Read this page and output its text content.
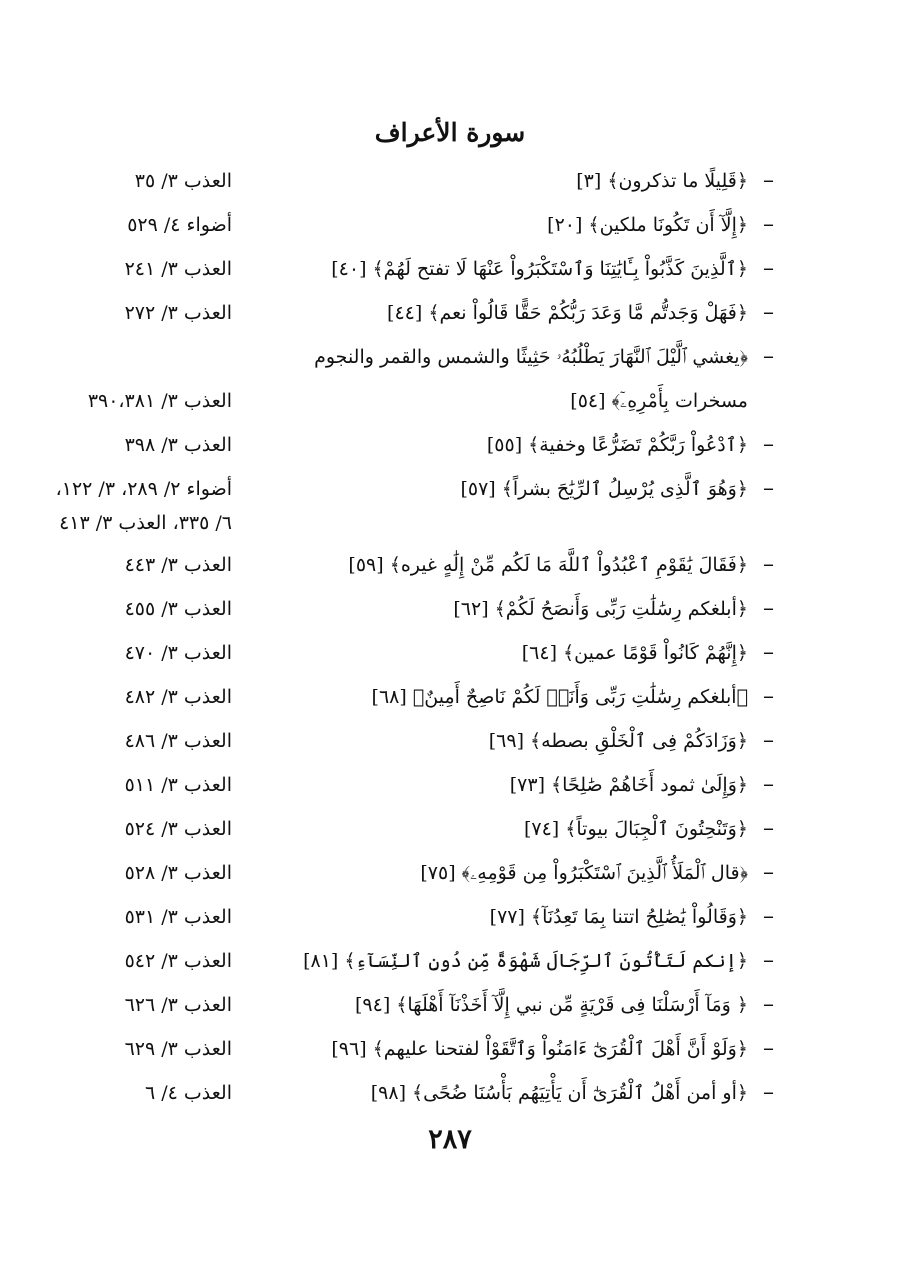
سورة الأعراف
–
﴿قَلِيلًا ما تذكرون﴾ [٣]
العذب ٣/ ٣٥
–
﴿إِلَّآ أَن تَكُونَا ملكين﴾ [٢٠]
أضواء ٤/ ٥٢٩
–
﴿ٱلَّذِينَ كَذَّبُواْ بِـَٔايَٰتِنَا وَٱسْتَكْبَرُواْ عَنْهَا لَا تفتح لَهُمْ﴾ [٤٠]
العذب ٣/ ٢٤١
–
﴿فَهَلْ وَجَدتُّم مَّا وَعَدَ رَبُّكُمْ حَقًّا قَالُواْ نعم﴾ [٤٤]
العذب ٣/ ٢٧٢
–
﴿يغشي ٱلَّيْلَ ٱلنَّهَارَ يَطْلُبُهُۥ حَثِيثًا والشمس والقمر والنجوم
مسخرات بِأَمْرِهِۦٓ﴾ [٥٤]
العذب ٣/ ٣٩٠،٣٨١
–
﴿ٱدْعُواْ رَبَّكُمْ تَضَرُّعًا وخفية﴾ [٥٥]
العذب ٣/ ٣٩٨
–
﴿وَهُوَ ٱلَّذِى يُرْسِلُ ٱلرِّيَٰحَ بشراً﴾ [٥٧]
أضواء ٢/ ٢٨٩، ٣/ ١٢٢،
٦/ ٣٣٥، العذب ٣/ ٤١٣
–
﴿فَقَالَ يَٰقَوْمِ ٱعْبُدُواْ ٱللَّهَ مَا لَكُم مِّنْ إِلَٰهٍ غيره﴾ [٥٩]
العذب ٣/ ٤٤٣
–
﴿أبلغكم رِسَٰلَٰتِ رَبِّى وَأَنصَحُ لَكُمْ﴾ [٦٢]
العذب ٣/ ٤٥٥
–
﴿إِنَّهُمْ كَانُواْ قَوْمًا عمين﴾ [٦٤]
العذب ٣/ ٤٧٠
–
﴿أبلغكم رِسَٰلَٰتِ رَبِّى وَأَنَا۠ لَكُمْ نَاصِحٌ أَمِينٌ﴾ [٦٨]
العذب ٣/ ٤٨٢
–
﴿وَزَادَكُمْ فِى ٱلْخَلْقِ بصطه﴾ [٦٩]
العذب ٣/ ٤٨٦
–
﴿وَإِلَىٰ ثمود أَخَاهُمْ صَٰلِحًا﴾ [٧٣]
العذب ٣/ ٥١١
–
﴿وَتَنْحِتُونَ ٱلْجِبَالَ بيوتاً﴾ [٧٤]
العذب ٣/ ٥٢٤
–
﴿قال ٱلْمَلَأُ ٱلَّذِينَ ٱسْتَكْبَرُواْ مِن قَوْمِهِۦ﴾ [٧٥]
العذب ٣/ ٥٢٨
–
﴿وَقَالُواْ يَٰصَٰلِحُ اتتنا بِمَا تَعِدُنَآ﴾ [٧٧]
العذب ٣/ ٥٣١
–
﴿إنكم لَتَأْتُونَ ٱلرِّجَالَ شَهْوَةً مِّن دُونِ ٱلنِّسَآءِ﴾ [٨١]
العذب ٣/ ٥٤٢
–
﴿ وَمَآ أَرْسَلْنَا فِى قَرْيَةٍ مِّن نبي إِلَّآ أَخَذْنَآ أَهْلَهَا﴾ [٩٤]
العذب ٣/ ٦٢٦
–
﴿وَلَوْ أَنَّ أَهْلَ ٱلْقُرَىٰٓ ءَامَنُواْ وَٱتَّقَوْاْ لفتحنا عليهم﴾ [٩٦]
العذب ٣/ ٦٢٩
–
﴿أو أمن أَهْلُ ٱلْقُرَىٰٓ أَن يَأْتِيَهُم بَأْسُنَا ضُحًى﴾ [٩٨]
العذب ٤/ ٦
٢٨٧
